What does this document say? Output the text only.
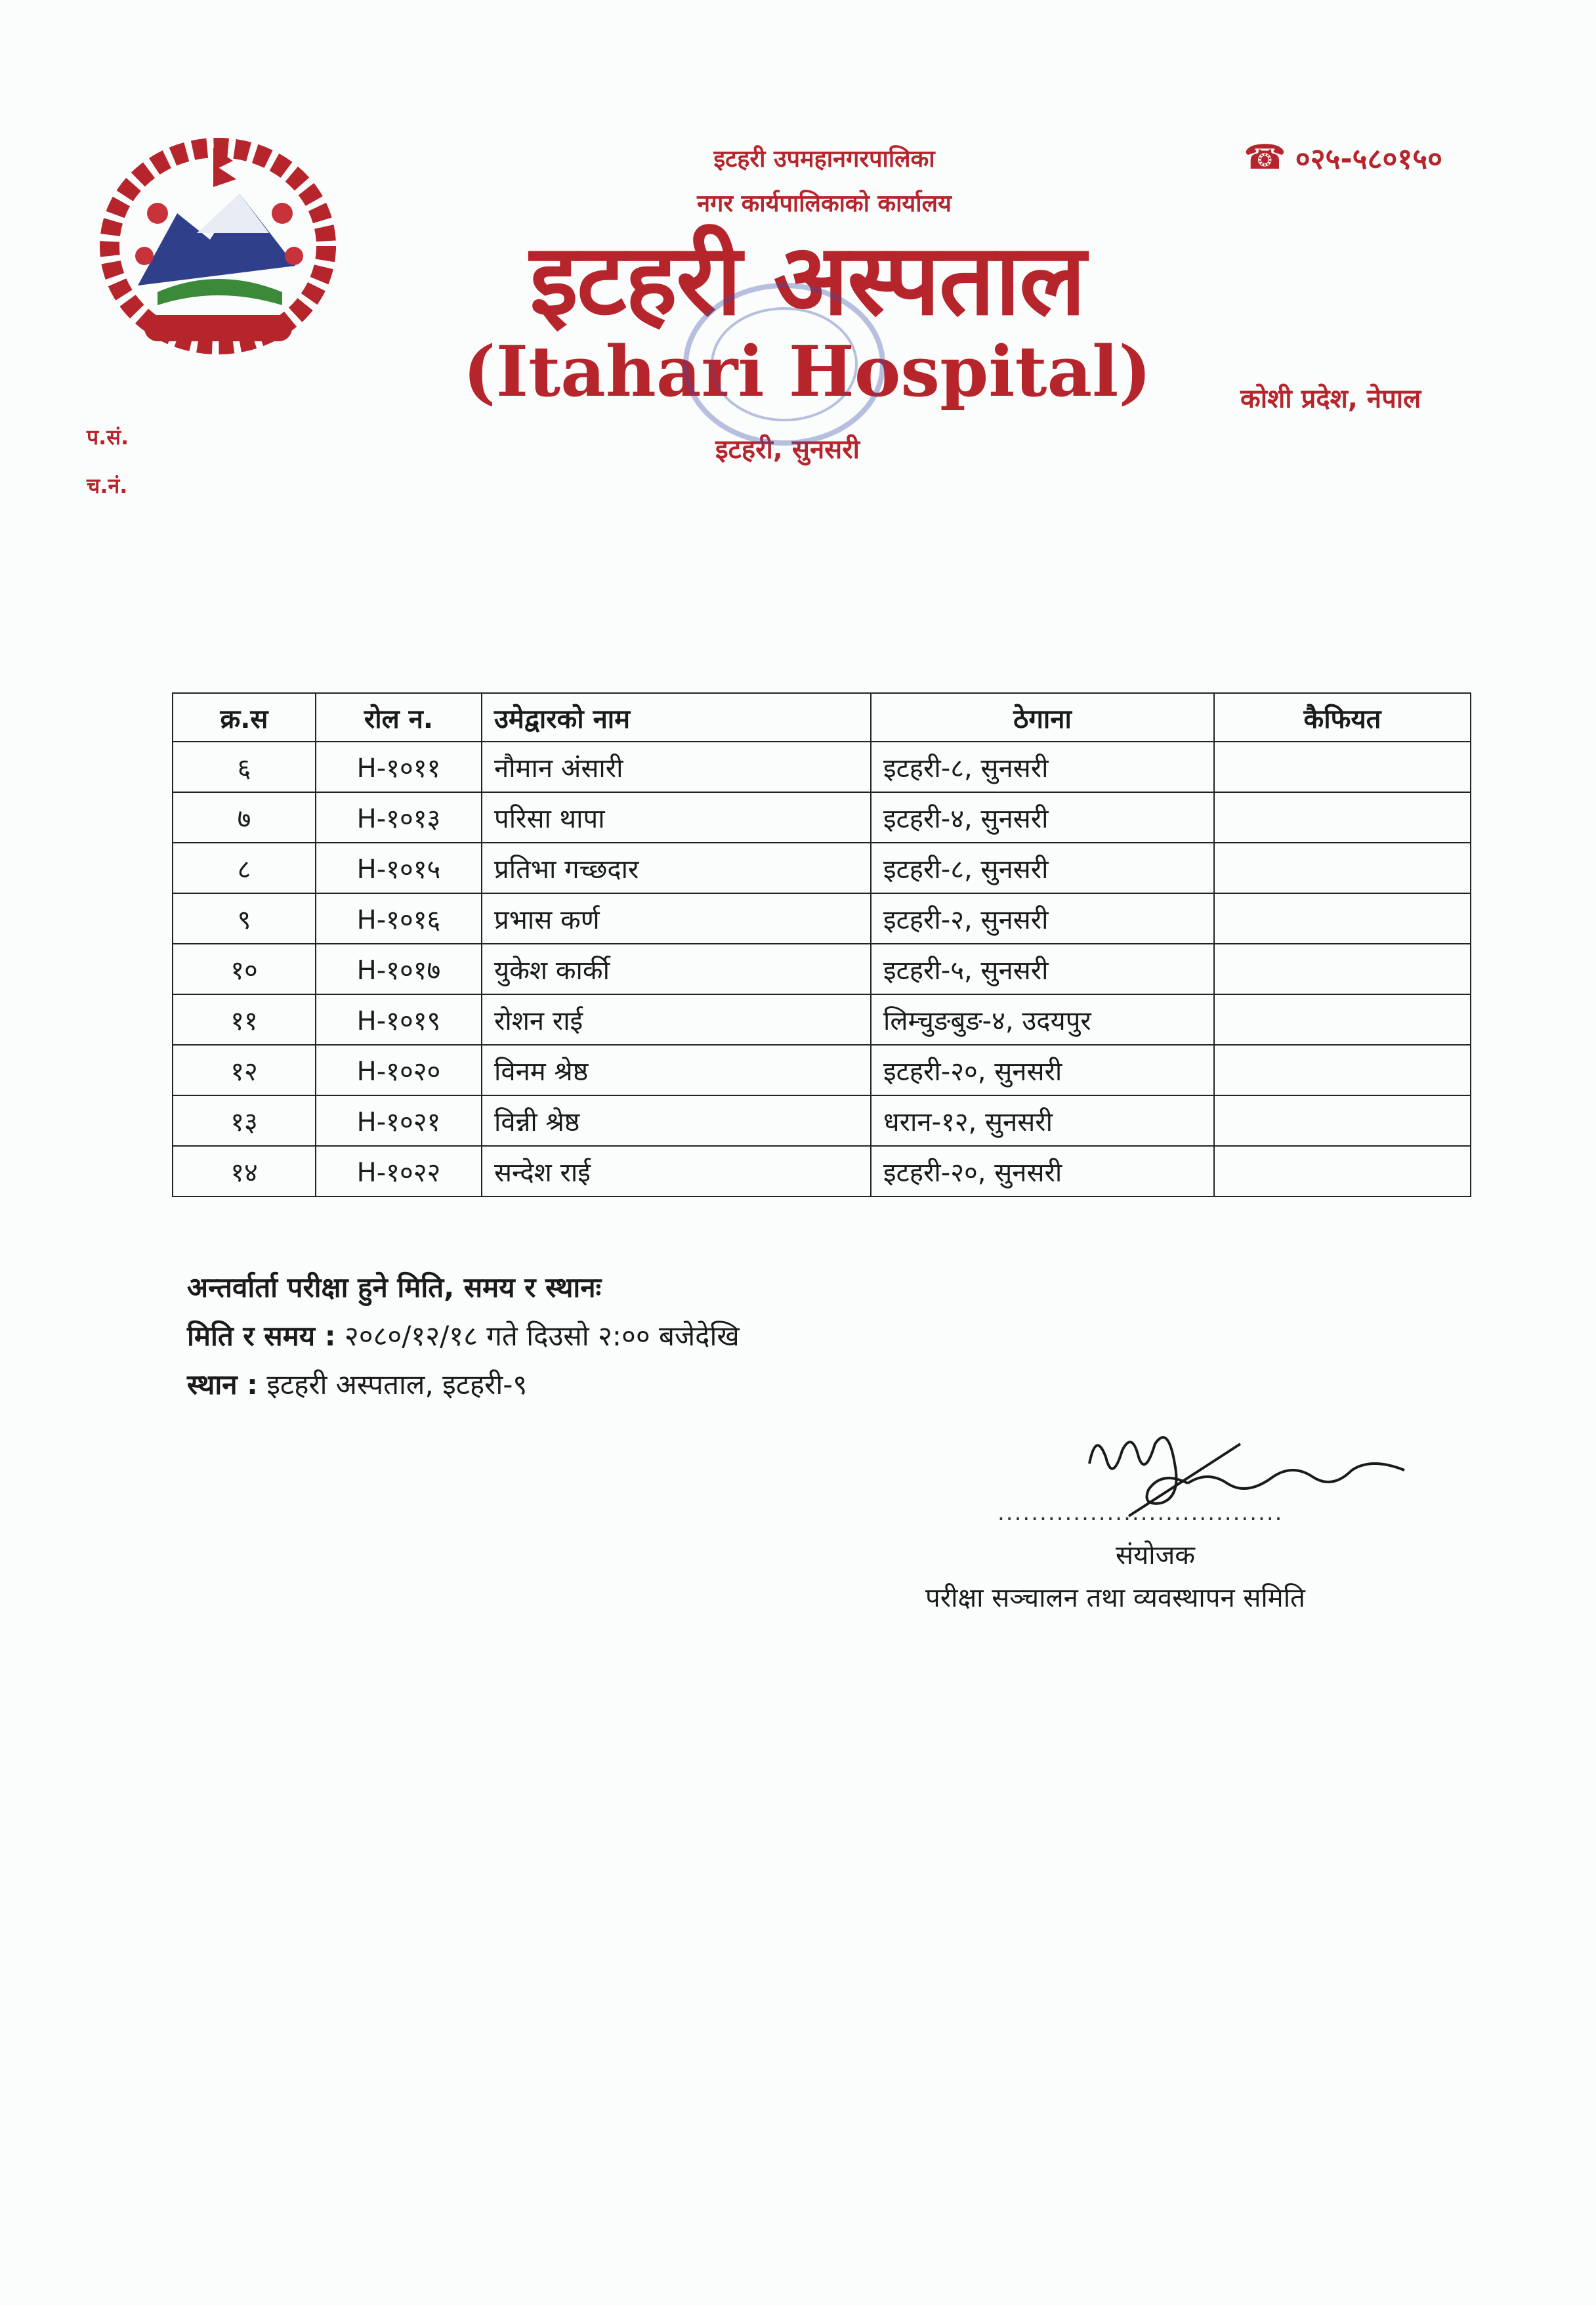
इटहरी उपमहानगरपालिका
नगर कार्यपालिकाको कार्यालय
इटहरी अस्पताल
(Itahari Hospital)
इटहरी, सुनसरी
☎ ०२५-५८०१५०
कोशी प्रदेश, नेपाल
प.सं.
च.नं.
क्र.स	रोल न.	उमेद्वारको नाम	ठेगाना	कैफियत
६	H-१०११	नौमान अंसारी	इटहरी-८, सुनसरी	
७	H-१०१३	परिसा थापा	इटहरी-४, सुनसरी	
८	H-१०१५	प्रतिभा गच्छदार	इटहरी-८, सुनसरी	
९	H-१०१६	प्रभास कर्ण	इटहरी-२, सुनसरी	
१०	H-१०१७	युकेश कार्की	इटहरी-५, सुनसरी	
११	H-१०१९	रोशन राई	लिम्चुङबुङ-४, उदयपुर	
१२	H-१०२०	विनम श्रेष्ठ	इटहरी-२०, सुनसरी	
१३	H-१०२१	विन्नी श्रेष्ठ	धरान-१२, सुनसरी	
१४	H-१०२२	सन्देश राई	इटहरी-२०, सुनसरी	
अन्तर्वार्ता परीक्षा हुने मिति, समय र स्थानः
मिति र समय : २०८०/१२/१८ गते दिउसो २:०० बजेदेखि
स्थान : इटहरी अस्पताल, इटहरी-९
..................................
संयोजक
परीक्षा सञ्चालन तथा व्यवस्थापन समिति
